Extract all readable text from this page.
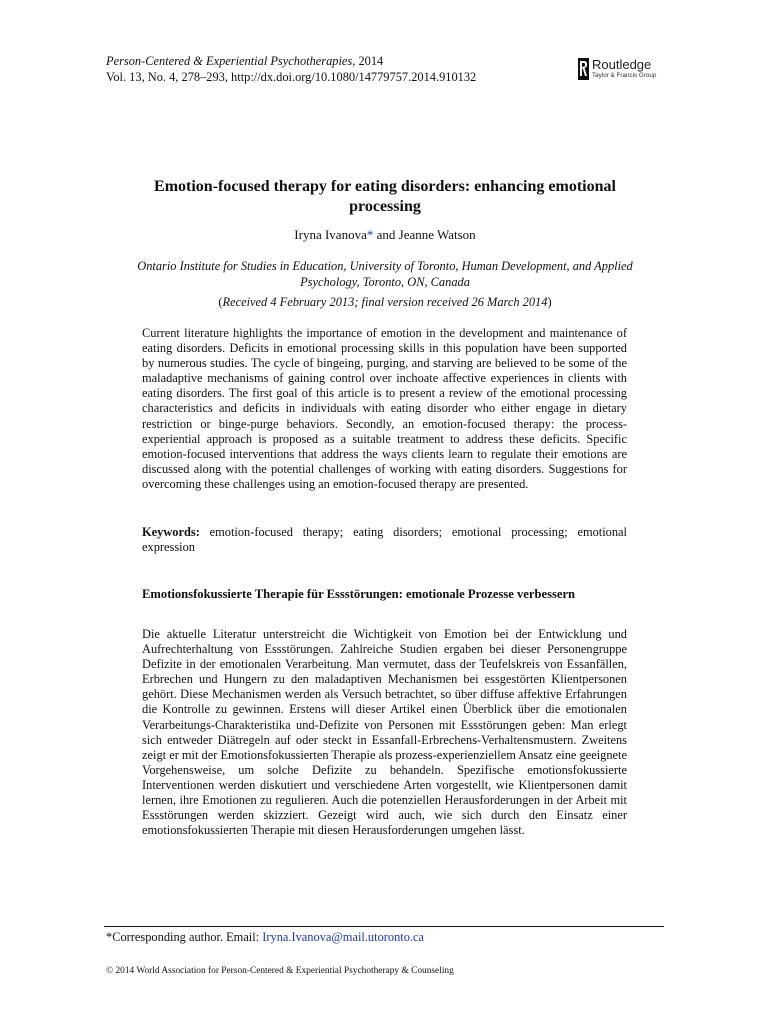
Person-Centered & Experiential Psychotherapies, 2014
Vol. 13, No. 4, 278–293, http://dx.doi.org/10.1080/14779757.2014.910132
Routledge
Taylor & Francis Group
Emotion-focused therapy for eating disorders: enhancing emotional processing
Iryna Ivanova* and Jeanne Watson
Ontario Institute for Studies in Education, University of Toronto, Human Development, and Applied Psychology, Toronto, ON, Canada
(Received 4 February 2013; final version received 26 March 2014)

Current literature highlights the importance of emotion in the development and maintenance of eating disorders. Deficits in emotional processing skills in this population have been supported by numerous studies. The cycle of bingeing, purging, and starving are believed to be some of the maladaptive mechanisms of gaining control over inchoate affective experiences in clients with eating disorders. The first goal of this article is to present a review of the emotional processing characteristics and deficits in individuals with eating disorder who either engage in dietary restriction or binge-purge behaviors. Secondly, an emotion-focused therapy: the process-experiential approach is proposed as a suitable treatment to address these deficits. Specific emotion-focused interventions that address the ways clients learn to regulate their emotions are discussed along with the potential challenges of working with eating disorders. Suggestions for overcoming these challenges using an emotion-focused therapy are presented.

Keywords: emotion-focused therapy; eating disorders; emotional processing; emotional expression

Emotionsfokussierte Therapie für Essstörungen: emotionale Prozesse verbessern

Die aktuelle Literatur unterstreicht die Wichtigkeit von Emotion bei der Entwicklung und Aufrechterhaltung von Essstörungen. Zahlreiche Studien ergaben bei dieser Personengruppe Defizite in der emotionalen Verarbeitung. Man vermutet, dass der Teufelskreis von Essanfällen, Erbrechen und Hungern zu den maladaptiven Mechanismen bei essgestörten Klientpersonen gehört. Diese Mechanismen werden als Versuch betrachtet, so über diffuse affektive Erfahrungen die Kontrolle zu gewinnen. Erstens will dieser Artikel einen Überblick über die emotionalen Verarbeitungs-Charakteristika und-Defizite von Personen mit Essstörungen geben: Man erlegt sich entweder Diätregeln auf oder steckt in Essanfall-Erbrechens-Verhaltensmustern. Zweitens zeigt er mit der Emotionsfokussierten Therapie als prozess-experienziellem Ansatz eine geeignete Vorgehensweise, um solche Defizite zu behandeln. Spezifische emotionsfokussierte Interventionen werden diskutiert und verschiedene Arten vorgestellt, wie Klientpersonen damit lernen, ihre Emotionen zu regulieren. Auch die potenziellen Herausforderungen in der Arbeit mit Essstörungen werden skizziert. Gezeigt wird auch, wie sich durch den Einsatz einer emotionsfokussierten Therapie mit diesen Herausforderungen umgehen lässt.

*Corresponding author. Email: Iryna.Ivanova@mail.utoronto.ca
© 2014 World Association for Person-Centered & Experiential Psychotherapy & Counseling
